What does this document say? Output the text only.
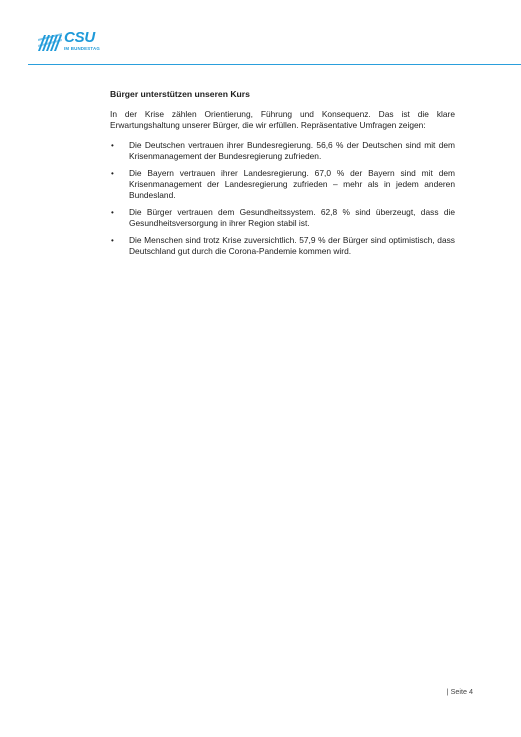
CSU
IM BUNDESTAG

Bürger unterstützen unseren Kurs

In der Krise zählen Orientierung, Führung und Konsequenz. Das ist die klare Erwartungshaltung unserer Bürger, die wir erfüllen. Repräsentative Umfragen zeigen:

• Die Deutschen vertrauen ihrer Bundesregierung. 56,6 % der Deutschen sind mit dem Krisenmanagement der Bundesregierung zufrieden.
• Die Bayern vertrauen ihrer Landesregierung. 67,0 % der Bayern sind mit dem Krisenmanagement der Landesregierung zufrieden – mehr als in jedem anderen Bundesland.
• Die Bürger vertrauen dem Gesundheitssystem. 62,8 % sind überzeugt, dass die Gesundheitsversorgung in ihrer Region stabil ist.
• Die Menschen sind trotz Krise zuversichtlich. 57,9 % der Bürger sind optimistisch, dass Deutschland gut durch die Corona-Pandemie kommen wird.
| Seite 4
